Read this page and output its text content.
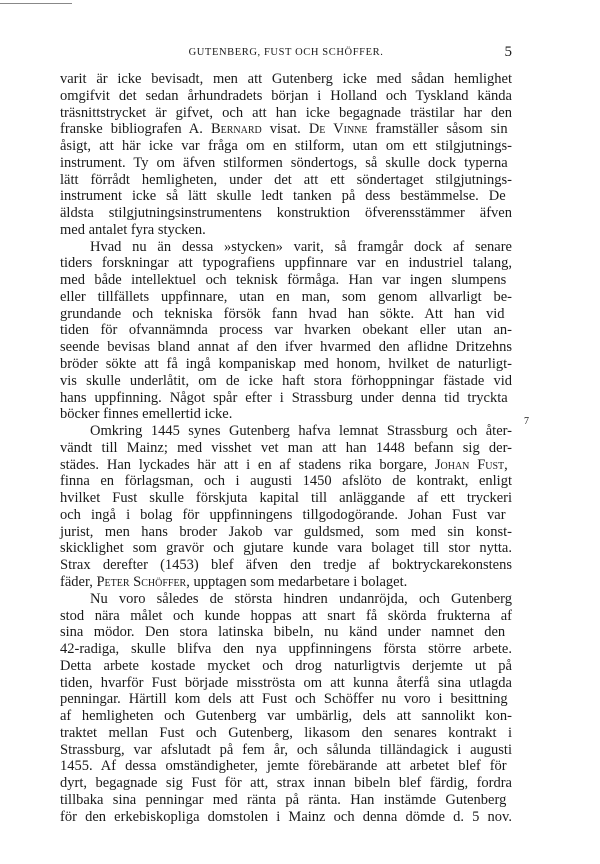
GUTENBERG, FUST OCH SCHÖFFER.	5
varit är icke bevisadt, men att Gutenberg icke med sådan hemlighet
omgifvit det sedan århundradets början i Holland och Tyskland kända
träsnittstrycket är gifvet, och att han icke begagnade trästilar har den
franske bibliografen A. Bernard visat. De Vinne framställer såsom sin
åsigt, att här icke var fråga om en stilform, utan om ett stilgjutnings-
instrument. Ty om äfven stilformen söndertogs, så skulle dock typerna
lätt förrådt hemligheten, under det att ett söndertaget stilgjutnings-
instrument icke så lätt skulle ledt tanken på dess bestämmelse. De
äldsta stilgjutningsinstrumentens konstruktion öfverensstämmer äfven
med antalet fyra stycken.
Hvad nu än dessa »stycken» varit, så framgår dock af senare
tiders forskningar att typografiens uppfinnare var en industriel talang,
med både intellektuel och teknisk förmåga. Han var ingen slumpens
eller tillfällets uppfinnare, utan en man, som genom allvarligt be-
grundande och tekniska försök fann hvad han sökte. Att han vid
tiden för ofvannämnda process var hvarken obekant eller utan an-
seende bevisas bland annat af den ifver hvarmed den aflidne Dritzehns
bröder sökte att få ingå kompaniskap med honom, hvilket de naturligt-
vis skulle underlåtit, om de icke haft stora förhoppningar fästade vid
hans uppfinning. Något spår efter i Strassburg under denna tid tryckta
böcker finnes emellertid icke.
Omkring 1445 synes Gutenberg hafva lemnat Strassburg och åter-
vändt till Mainz; med visshet vet man att han 1448 befann sig der-
städes. Han lyckades här att i en af stadens rika borgare, Johan Fust,
finna en förlagsman, och i augusti 1450 afslöto de kontrakt, enligt
hvilket Fust skulle förskjuta kapital till anläggande af ett tryckeri
och ingå i bolag för uppfinningens tillgodogörande. Johan Fust var
jurist, men hans broder Jakob var guldsmed, som med sin konst-
skicklighet som gravör och gjutare kunde vara bolaget till stor nytta.
Strax derefter (1453) blef äfven den tredje af boktryckarekonstens
fäder, Peter Schöffer, upptagen som medarbetare i bolaget.
Nu voro således de största hindren undanröjda, och Gutenberg
stod nära målet och kunde hoppas att snart få skörda frukterna af
sina mödor. Den stora latinska bibeln, nu känd under namnet den
42-radiga, skulle blifva den nya uppfinningens första större arbete.
Detta arbete kostade mycket och drog naturligtvis derjemte ut på
tiden, hvarför Fust började misströsta om att kunna återfå sina utlagda
penningar. Härtill kom dels att Fust och Schöffer nu voro i besittning
af hemligheten och Gutenberg var umbärlig, dels att sannolikt kon-
traktet mellan Fust och Gutenberg, likasom den senares kontrakt i
Strassburg, var afslutadt på fem år, och sålunda tilländagick i augusti
1455. Af dessa omständigheter, jemte förebärande att arbetet blef för
dyrt, begagnade sig Fust för att, strax innan bibeln blef färdig, fordra
tillbaka sina penningar med ränta på ränta. Han instämde Gutenberg
för den erkebiskopliga domstolen i Mainz och denna dömde d. 5 nov.
7
